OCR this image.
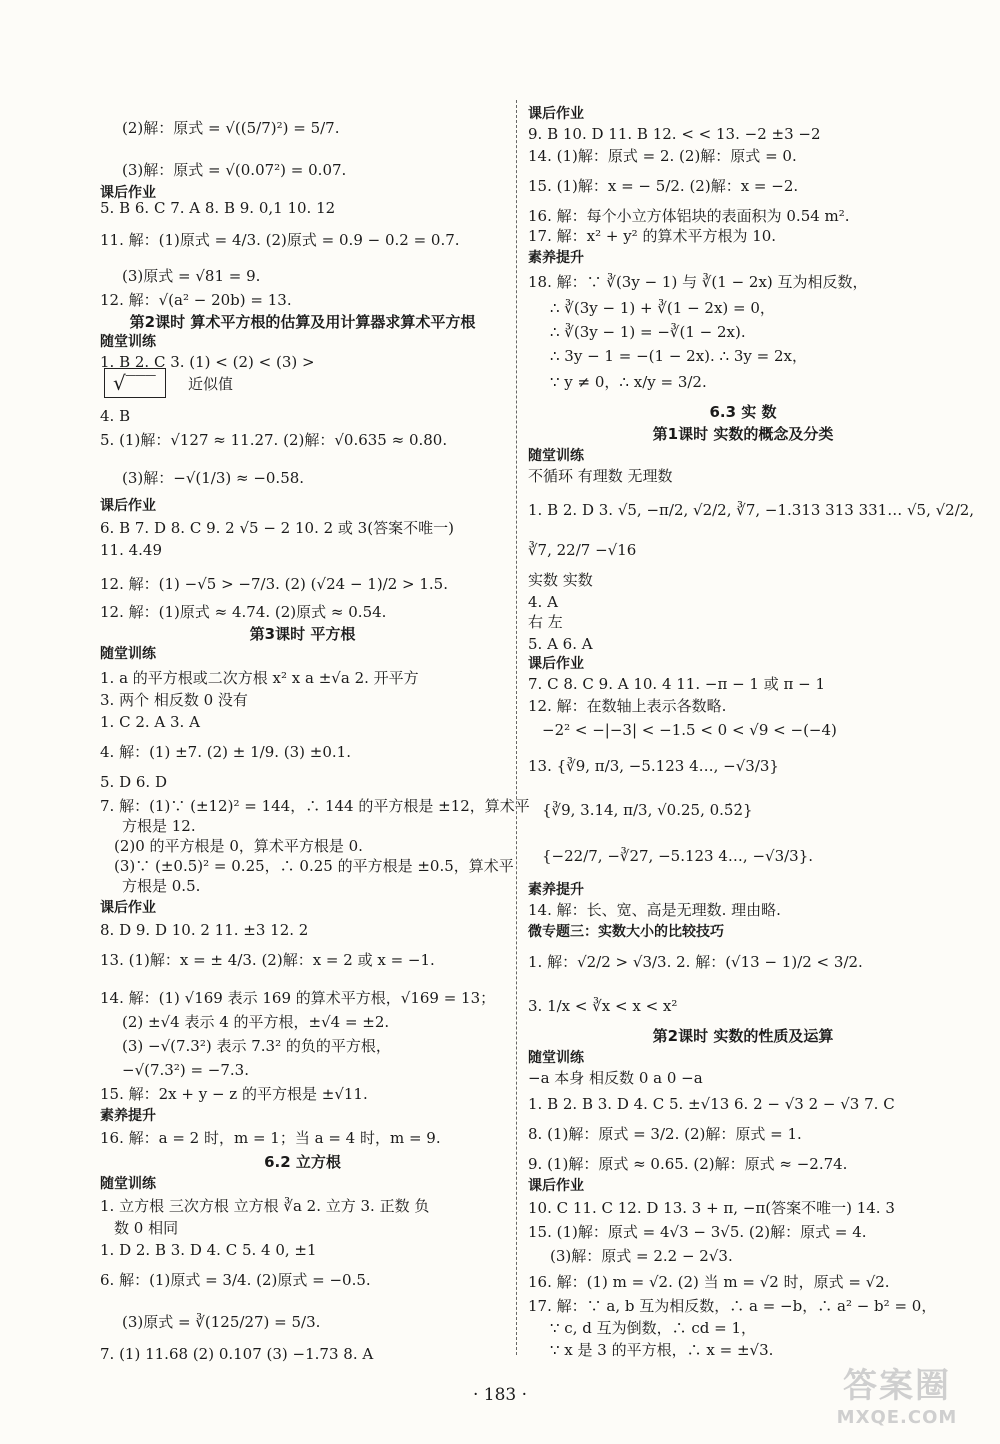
(2)解：原式 = √((5/7)²) = 5/7.
(3)解：原式 = √(0.07²) = 0.07.
课后作业
5. B 6. C 7. A 8. B 9. 0,1 10. 12
11. 解：(1)原式 = 4/3. (2)原式 = 0.9 − 0.2 = 0.7.
(3)原式 = √81 = 9.
12. 解：√(a² − 20b) = 13.
第2课时 算术平方根的估算及用计算器求算术平方根
随堂训练
1. B 2. C 3. (1) < (2) < (3) >
4. B
5. (1)解：√127 ≈ 11.27. (2)解：√0.635 ≈ 0.80.
(3)解：−√(1/3) ≈ −0.58.
课后作业
6. B 7. D 8. C 9. 2 √5 − 2 10. 2 或 3(答案不唯一)
11. 4.49
12. 解：(1) −√5 > −7/3. (2) (√24 − 1)/2 > 1.5.
随堂训练
1. a 的平方根或二次方根 x² x a ±√a 2. 开平方
3. 两个 相反数 0 没有
1. C 2. A 3. A
4. 解：(1) ±7. (2) ± 1/9. (3) ±0.1.
5. D 6. D
7. 解：(1)∵ (±12)² = 144，∴ 144 的平方根是 ±12，算术平
方根是 12.
(2)0 的平方根是 0，算术平方根是 0.
(3)∵ (±0.5)² = 0.25，∴ 0.25 的平方根是 ±0.5，算术平
方根是 0.5.
课后作业
8. D 9. D 10. 2 11. ±3 12. 2
13. (1)解：x = ± 4/3. (2)解：x = 2 或 x = −1.
14. 解：(1) √169 表示 169 的算术平方根，√169 = 13；
(2) ±√4 表示 4 的平方根，±√4 = ±2.
(3) −√(7.3²) 表示 7.3² 的负的平方根，
−√(7.3²) = −7.3.
15. 解：2x + y − z 的平方根是 ±√11.
素养提升
16. 解：a = 2 时，m = 1；当 a = 4 时，m = 9.
随堂训练
1. 立方根 三次方根 立方根 ∛a 2. 立方 3. 正数 负
数 0 相同
1. D 2. B 3. D 4. C 5. 4 0, ±1
6. 解：(1)原式 = 3/4. (2)原式 = −0.5.
(3)原式 = ∛(125/27) = 5/3.
7. (1) 11.68 (2) 0.107 (3) −1.73 8. A
12. 解：(1)原式 ≈ 4.74. (2)原式 ≈ 0.54.
第3课时 平方根
6.2 立方根
课后作业
9. B 10. D 11. B 12. < < 13. −2 ±3 −2
14. (1)解：原式 = 2. (2)解：原式 = 0.
15. (1)解：x = − 5/2. (2)解：x = −2.
16. 解：每个小立方体铝块的表面积为 0.54 m².
17. 解：x² + y² 的算术平方根为 10.
素养提升
18. 解：∵ ∛(3y − 1) 与 ∛(1 − 2x) 互为相反数，
∴ ∛(3y − 1) + ∛(1 − 2x) = 0，
∴ ∛(3y − 1) = −∛(1 − 2x).
∴ 3y − 1 = −(1 − 2x). ∴ 3y = 2x，
∵ y ≠ 0，∴ x/y = 3/2.
6.3 实 数
第1课时 实数的概念及分类
随堂训练
不循环 有理数 无理数
1. B 2. D 3. √5, −π/2, √2/2, ∛7, −1.313 313 331… √5, √2/2,
∛7, 22/7 −√16
实数 实数
4. A
右 左
5. A 6. A
课后作业
7. C 8. C 9. A 10. 4 11. −π − 1 或 π − 1
12. 解：在数轴上表示各数略.
−2² < −|−3| < −1.5 < 0 < √9 < −(−4)
13. {∛9, π/3, −5.123 4…, −√3/3}
{∛9, 3.14, π/3, √0.25, 0.5̇2̇}
{−22/7, −∛27, −5.123 4…, −√3/3}.
素养提升
14. 解：长、宽、高是无理数. 理由略.
微专题三：实数大小的比较技巧
1. 解：√2/2 > √3/3. 2. 解：(√13 − 1)/2 < 3/2.
3. 1/x < ∛x < x < x²
第2课时 实数的性质及运算
随堂训练
−a 本身 相反数 0 a 0 −a
1. B 2. B 3. D 4. C 5. ±√13 6. 2 − √3 2 − √3 7. C
8. (1)解：原式 = 3/2. (2)解：原式 = 1.
9. (1)解：原式 ≈ 0.65. (2)解：原式 ≈ −2.74.
课后作业
10. C 11. C 12. D 13. 3 + π, −π(答案不唯一) 14. 3
15. (1)解：原式 = 4√3 − 3√5. (2)解：原式 = 4.
(3)解：原式 = 2.2 − 2√3.
16. 解：(1) m = √2. (2) 当 m = √2 时，原式 = √2.
17. 解：∵ a, b 互为相反数，∴ a = −b，∴ a² − b² = 0，
∵ c, d 互为倒数，∴ cd = 1，
∵ x 是 3 的平方根，∴ x = ±√3.
√‾‾‾ 近似值
· 183 ·	答案圈
MXQE.COM
